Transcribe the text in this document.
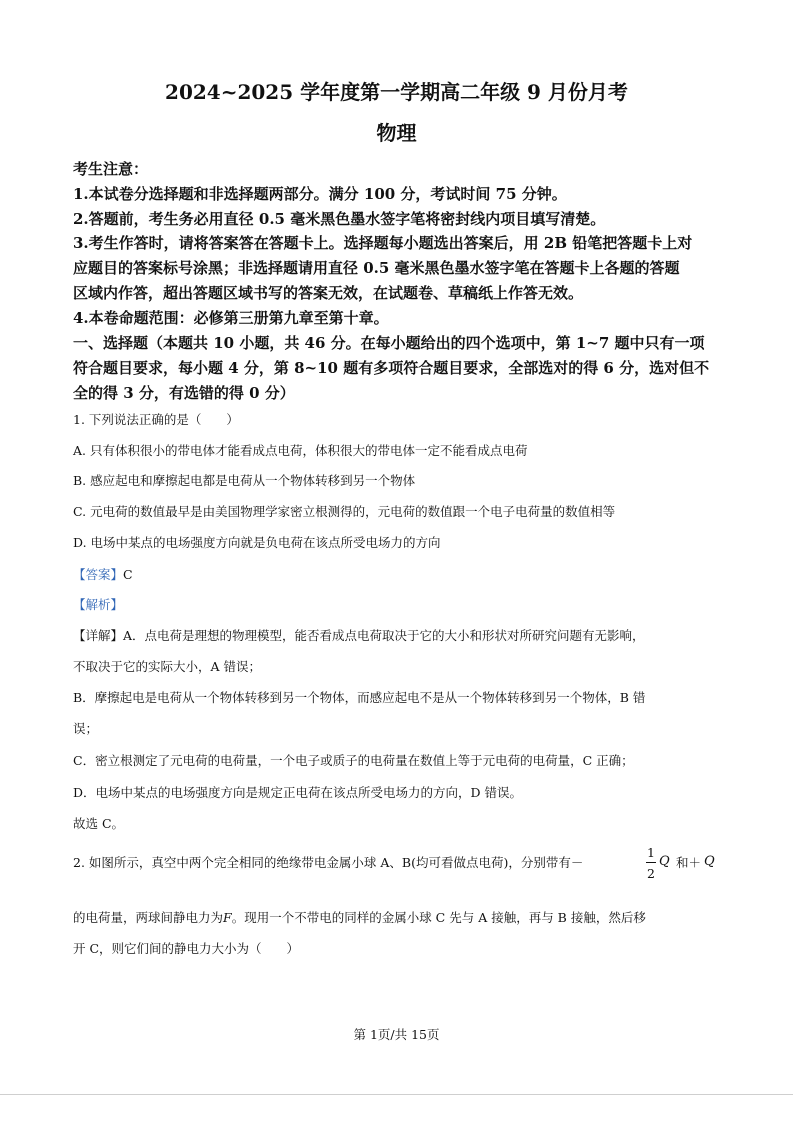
2024~2025 学年度第一学期高二年级 9 月份月考
物理
考生注意：
1.本试卷分选择题和非选择题两部分。满分 100 分，考试时间 75 分钟。
2.答题前，考生务必用直径 0.5 毫米黑色墨水签字笔将密封线内项目填写清楚。
3.考生作答时，请将答案答在答题卡上。选择题每小题选出答案后，用 2B 铅笔把答题卡上对
应题目的答案标号涂黑；非选择题请用直径 0.5 毫米黑色墨水签字笔在答题卡上各题的答题
区域内作答，超出答题区域书写的答案无效，在试题卷、草稿纸上作答无效。
4.本卷命题范围：必修第三册第九章至第十章。
一、选择题（本题共 10 小题，共 46 分。在每小题给出的四个选项中，第 1~7 题中只有一项
符合题目要求，每小题 4 分，第 8~10 题有多项符合题目要求，全部选对的得 6 分，选对但不
全的得 3 分，有选错的得 0 分）
1. 下列说法正确的是（　　）
A. 只有体积很小的带电体才能看成点电荷，体积很大的带电体一定不能看成点电荷
B. 感应起电和摩擦起电都是电荷从一个物体转移到另一个物体
C. 元电荷的数值最早是由美国物理学家密立根测得的，元电荷的数值跟一个电子电荷量的数值相等
D. 电场中某点的电场强度方向就是负电荷在该点所受电场力的方向
【答案】C
【解析】
【详解】A．点电荷是理想的物理模型，能否看成点电荷取决于它的大小和形状对所研究问题有无影响，
不取决于它的实际大小，A 错误；
B．摩擦起电是电荷从一个物体转移到另一个物体，而感应起电不是从一个物体转移到另一个物体，B 错
误；
C．密立根测定了元电荷的电荷量，一个电子或质子的电荷量在数值上等于元电荷的电荷量，C 正确；
D．电场中某点的电场强度方向是规定正电荷在该点所受电场力的方向，D 错误。
故选 C。
2. 如图所示，真空中两个完全相同的绝缘带电金属小球 A、B(均可看做点电荷)，分别带有－
1
2
Q 和＋ Q
的电荷量，两球间静电力为F。现用一个不带电的同样的金属小球 C 先与 A 接触，再与 B 接触，然后移
开 C，则它们间的静电力大小为（　　）
第 1页/共 15页
